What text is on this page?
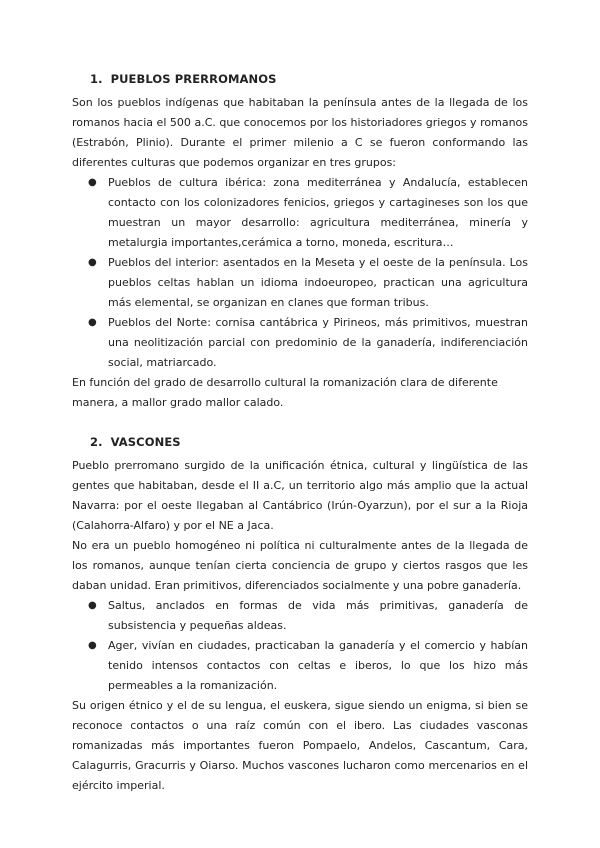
1. PUEBLOS PRERROMANOS

Son los pueblos indígenas que habitaban la península antes de la llegada de los romanos hacia el 500 a.C. que conocemos por los historiadores griegos y romanos (Estrabón, Plinio). Durante el primer milenio a C se fueron conformando las diferentes culturas que podemos organizar en tres grupos:

● Pueblos de cultura ibérica: zona mediterránea y Andalucía, establecen contacto con los colonizadores fenicios, griegos y cartagineses son los que muestran un mayor desarrollo: agricultura mediterránea, minería y metalurgia importantes,cerámica a torno, moneda, escritura…
● Pueblos del interior: asentados en la Meseta y el oeste de la península. Los pueblos celtas hablan un idioma indoeuropeo, practican una agricultura más elemental, se organizan en clanes que forman tribus.
● Pueblos del Norte: cornisa cantábrica y Pirineos, más primitivos, muestran una neolitización parcial con predominio de la ganadería, indiferenciación social, matriarcado.

En función del grado de desarrollo cultural la romanización clara de diferente manera, a mallor grado mallor calado.

2. VASCONES

Pueblo prerromano surgido de la unificación étnica, cultural y lingüística de las gentes que habitaban, desde el II a.C, un territorio algo más amplio que la actual Navarra: por el oeste llegaban al Cantábrico (Irún-Oyarzun), por el sur a la Rioja (Calahorra-Alfaro) y por el NE a Jaca.

No era un pueblo homogéneo ni política ni culturalmente antes de la llegada de los romanos, aunque tenían cierta conciencia de grupo y ciertos rasgos que les daban unidad. Eran primitivos, diferenciados socialmente y una pobre ganadería.

● Saltus, anclados en formas de vida más primitivas, ganadería de subsistencia y pequeñas aldeas.
● Ager, vivían en ciudades, practicaban la ganadería y el comercio y habían tenido intensos contactos con celtas e iberos, lo que los hizo más permeables a la romanización.

Su origen étnico y el de su lengua, el euskera, sigue siendo un enigma, si bien se reconoce contactos o una raíz común con el ibero. Las ciudades vasconas romanizadas más importantes fueron Pompaelo, Andelos, Cascantum, Cara, Calagurris, Gracurris y Oiarso. Muchos vascones lucharon como mercenarios en el ejército imperial.
